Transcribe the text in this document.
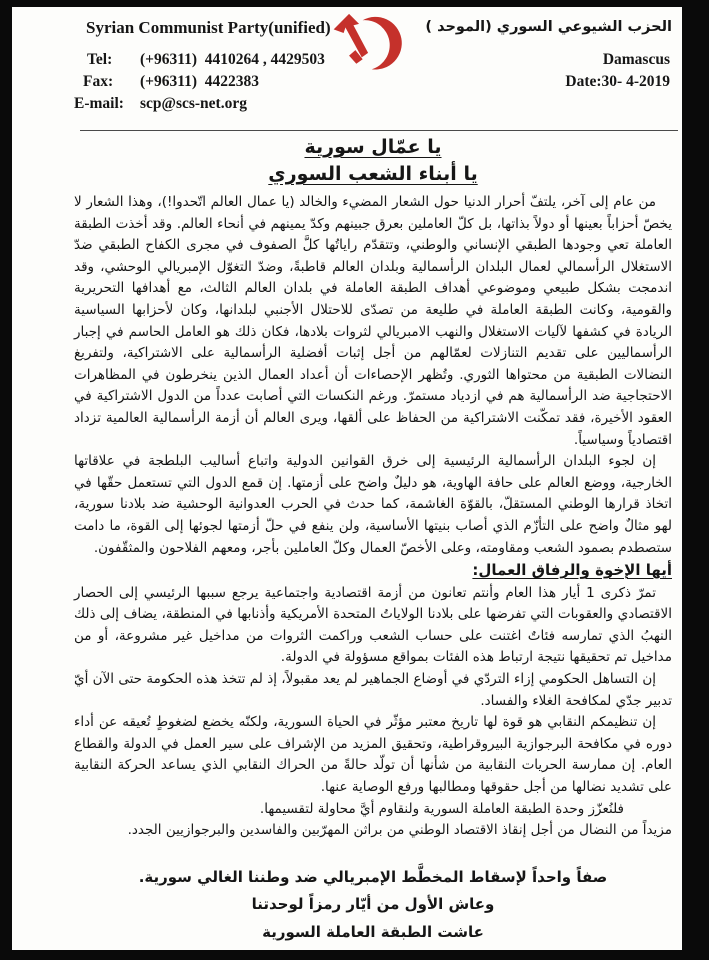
Syrian Communist Party(unified)	الحزب الشيوعي السوري (الموحد )
Tel: (+96311)  4410264 , 4429503
Fax: (+96311)  4422383
E-mail: scp@scs-net.org
Damascus
Date:30- 4-2019
يا عمّال سورية
يا أبناء الشعب السوري

من عام إلى آخر، يلتفّ أحرار الدنيا حول الشعار المضيء والخالد (يا عمال العالم اتّحدوا!)، وهذا الشعار لا يخصّ أحزاباً بعينها أو دولاً بذاتها، بل كلّ العاملين بعرق جبينهم وكدّ يمينهم في أنحاء العالم. وقد أخذت الطبقة العاملة تعي وجودها الطبقي الإنساني والوطني، وتتقدّم راياتُها كلَّ الصفوف في مجرى الكفاح الطبقي ضدّ الاستغلال الرأسمالي لعمال البلدان الرأسمالية وبلدان العالم قاطبةً، وضدّ التغوّل الإمبريالي الوحشي، وقد اندمجت بشكل طبيعي وموضوعي أهداف الطبقة العاملة في بلدان العالم الثالث، مع أهدافها التحريرية والقومية، وكانت الطبقة العاملة في طليعة من تصدّى للاحتلال الأجنبي لبلدانها، وكان لأحزابها السياسية الريادة في كشفها لآليات الاستغلال والنهب الامبريالي لثروات بلادها، فكان ذلك هو العامل الحاسم في إجبار الرأسماليين على تقديم التنازلات لعمّالهم من أجل إثبات أفضلية الرأسمالية على الاشتراكية، ولتفريغ النضالات الطبقية من محتواها الثوري. وتُظهر الإحصاءات أن أعداد العمال الذين ينخرطون في المظاهرات الاحتجاجية ضد الرأسمالية هم في ازدياد مستمرّ. ورغم النكسات التي أصابت عدداً من الدول الاشتراكية في العقود الأخيرة، فقد تمكّنت الاشتراكية من الحفاظ على ألقها، ويرى العالم أن أزمة الرأسمالية العالمية تزداد اقتصادياً وسياسياً.

إن لجوء البلدان الرأسمالية الرئيسية إلى خرق القوانين الدولية واتباع أساليب البلطجة في علاقاتها الخارجية، ووضع العالم على حافة الهاوية، هو دليلٌ واضح على أزمتها. إن قمع الدول التي تستعمل حقّها في اتخاذ قرارها الوطني المستقلّ، بالقوّة الغاشمة، كما حدث في الحرب العدوانية الوحشية ضد بلادنا سورية، لهو مثالٌ واضح على التأزّم الذي أصاب بنيتها الأساسية، ولن ينفع في حلّ أزمتها لجوئها إلى القوة، ما دامت ستصطدم بصمود الشعب ومقاومته، وعلى الأخصّ العمال وكلّ العاملين بأجر، ومعهم الفلاحون والمثقّفون.

أيها الإخوة والرفاق العمال:

تمرّ ذكرى 1 أيار هذا العام وأنتم تعانون من أزمة اقتصادية واجتماعية يرجع سببها الرئيسي إلى الحصار الاقتصادي والعقوبات التي تفرضها على بلادنا الولاياتُ المتحدة الأمريكية وأذنابها في المنطقة، يضاف إلى ذلك النهبُ الذي تمارسه فئاتٌ اغتنت على حساب الشعب وراكمت الثروات من مداخيل غير مشروعة، أو من مداخيل تم تحقيقها نتيجة ارتباط هذه الفئات بمواقع مسؤولة في الدولة.

إن التساهل الحكومي إزاء التردّي في أوضاع الجماهير لم يعد مقبولاً، إذ لم تتخذ هذه الحكومة حتى الآن أيّ تدبير جدّي لمكافحة الغلاء والفساد.

إن تنظيمكم النقابي هو قوة لها تاريخ معتبر مؤثّر في الحياة السورية، ولكنّه يخضع لضغوطٍ تُعيقه عن أداء دوره في مكافحة البرجوازية البيروقراطية، وتحقيق المزيد من الإشراف على سير العمل في الدولة والقطاع العام. إن ممارسة الحريات النقابية من شأنها أن تولّد حالةً من الحراك النقابي الذي يساعد الحركة النقابية على تشديد نضالها من أجل حقوقها ومطالبها ورفع الوصاية عنها.

فلنُعزّز وحدة الطبقة العاملة السورية ولنقاوم أيَّ محاولة لتقسيمها.

مزيداً من النضال من أجل إنقاذ الاقتصاد الوطني من براثن المهرّبين والفاسدين والبرجوازيين الجدد.

صفاً واحداً لإسقاط المخطَّط الإمبريالي ضد وطننا الغالي سورية.
وعاش الأول من أيّار رمزاً لوحدتنا
عاشت الطبقة العاملة السورية
